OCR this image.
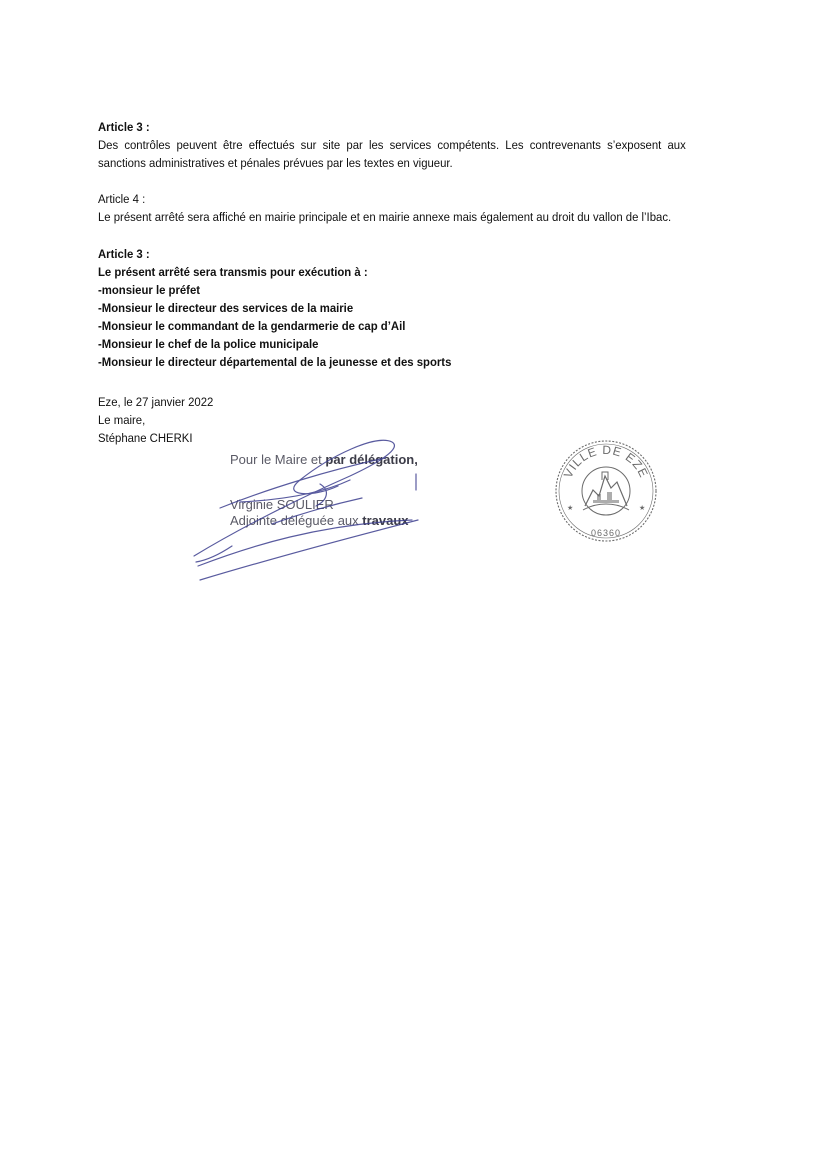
Article 3 :
Des contrôles peuvent être effectués sur site par les services compétents. Les contrevenants s’exposent aux sanctions administratives et pénales prévues par les textes en vigueur.
Article 4 :
Le présent arrêté sera affiché en mairie principale et en mairie annexe mais également au droit du vallon de l’Ibac.
Article 3 :
Le présent arrêté sera transmis pour exécution à :
-monsieur le préfet
-Monsieur le directeur des services de la mairie
-Monsieur le commandant de la gendarmerie de cap d’Ail
-Monsieur le chef de la police municipale
-Monsieur le directeur départemental de la jeunesse et des sports
Eze, le 27 janvier 2022
Le maire,
Stéphane CHERKI
Pour le Maire et par délégation,
Virginie SOULIER
Adjointe déléguée aux travaux
VILLE DE EZE
06360
★	★
